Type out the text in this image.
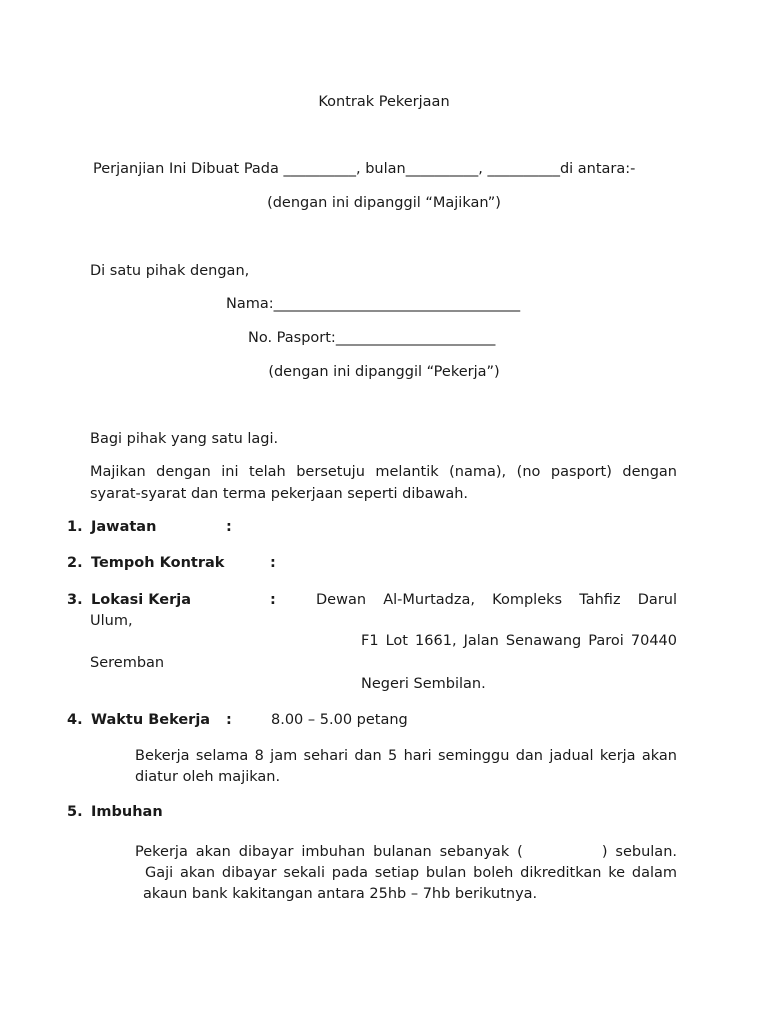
Kontrak Pekerjaan
Perjanjian Ini Dibuat Pada __________, bulan__________, __________di antara:-
(dengan ini dipanggil “Majikan”)
Di satu pihak dengan,
Nama:__________________________________
No. Pasport:______________________
(dengan ini dipanggil “Pekerja”)
Bagi pihak yang satu lagi.
Majikan dengan ini telah bersetuju melantik (nama), (no pasport) dengan
syarat-syarat dan terma pekerjaan seperti dibawah.
1. Jawatan	:
2. Tempoh Kontrak	:
3. Lokasi Kerja	:	Dewan Al-Murtadza, Kompleks Tahfiz Darul
Ulum,
F1 Lot 1661, Jalan Senawang Paroi 70440
Seremban
Negeri Sembilan.
4. Waktu Bekerja :	8.00 – 5.00 petang
Bekerja selama 8 jam sehari dan 5 hari seminggu dan jadual kerja akan
diatur oleh majikan.
5. Imbuhan
Pekerja akan dibayar imbuhan bulanan sebanyak (          ) sebulan.
Gaji akan dibayar sekali pada setiap bulan boleh dikreditkan ke dalam
akaun bank kakitangan antara 25hb – 7hb berikutnya.
